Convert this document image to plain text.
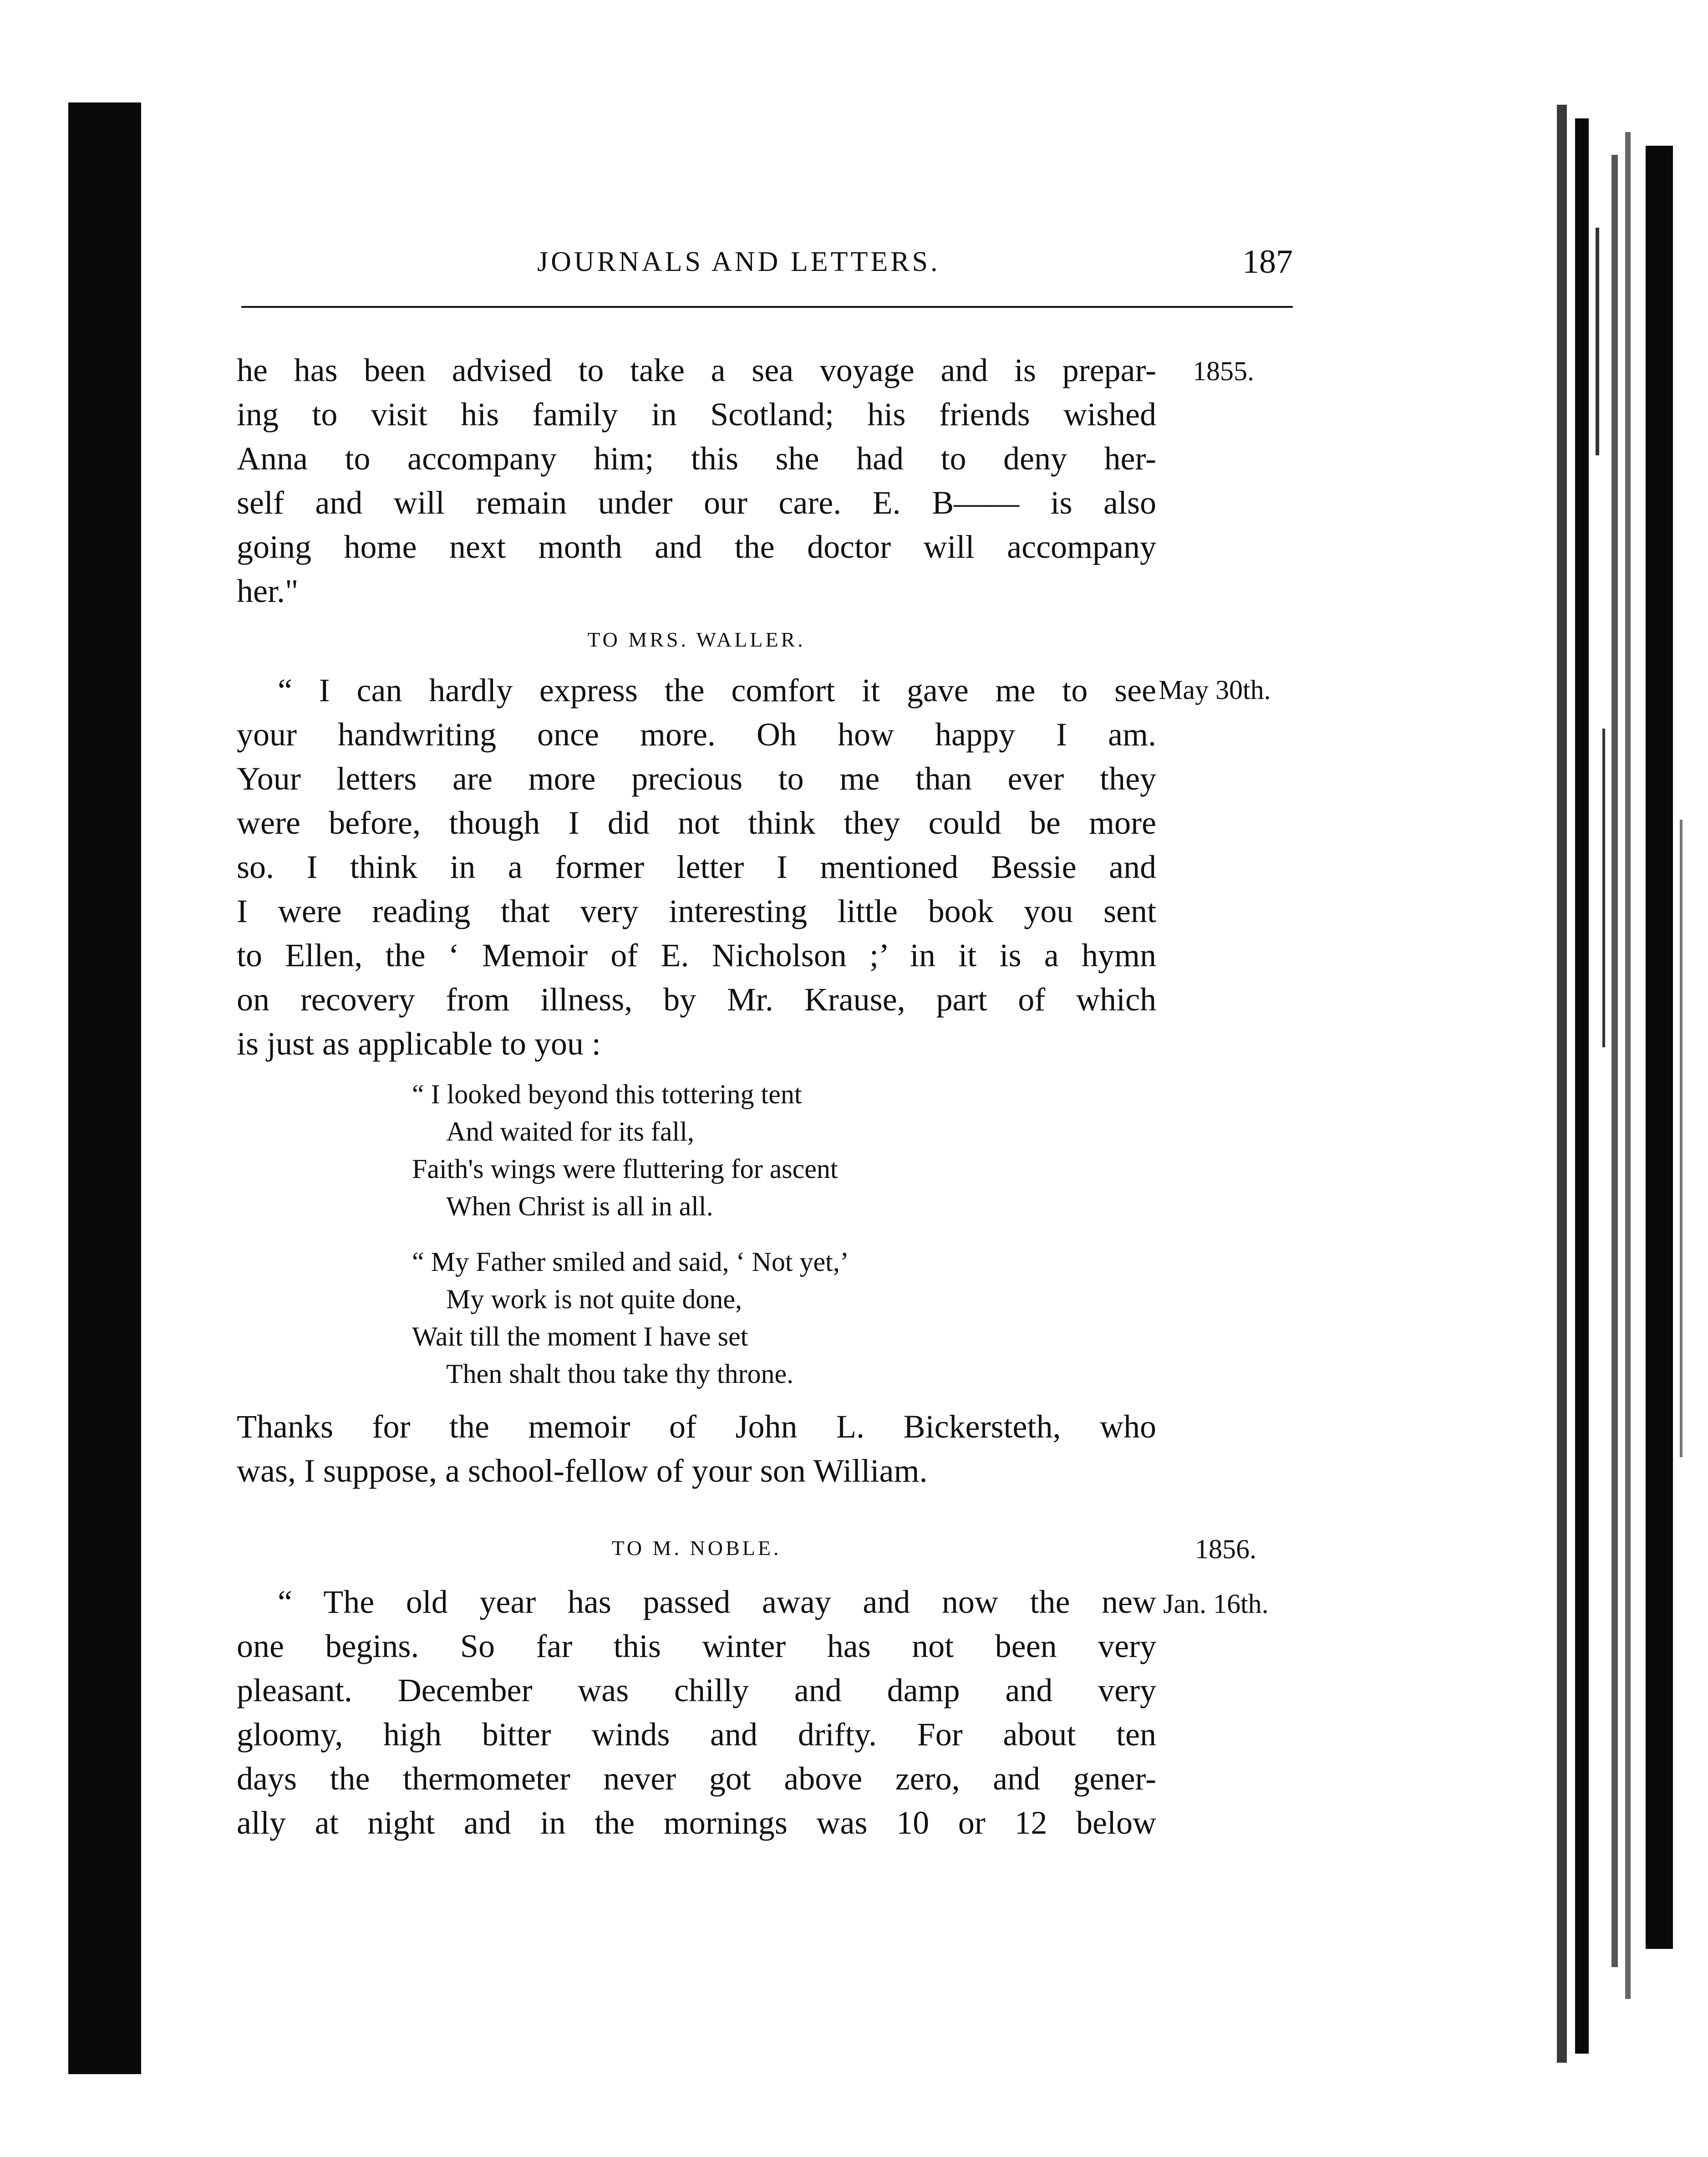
JOURNALS AND LETTERS.	187
he has been advised to take a sea voyage and is prepar-
ing to visit his family in Scotland; his friends wished
Anna to accompany him; this she had to deny her-
self and will remain under our care. E. B—— is also
going home next month and the doctor will accompany
her."
1855.
TO MRS. WALLER.
May 30th.
“ I can hardly express the comfort it gave me to see
your handwriting once more. Oh how happy I am.
Your letters are more precious to me than ever they
were before, though I did not think they could be more
so. I think in a former letter I mentioned Bessie and
I were reading that very interesting little book you sent
to Ellen, the ‘ Memoir of E. Nicholson ;’ in it is a hymn
on recovery from illness, by Mr. Krause, part of which
is just as applicable to you :
“ I looked beyond this tottering tent
And waited for its fall,
Faith's wings were fluttering for ascent
When Christ is all in all.
“ My Father smiled and said, ‘ Not yet,’
My work is not quite done,
Wait till the moment I have set
Then shalt thou take thy throne.
Thanks for the memoir of John L. Bickersteth, who
was, I suppose, a school-fellow of your son William.
TO M. NOBLE.	1856.
Jan. 16th.
“ The old year has passed away and now the new
one begins. So far this winter has not been very
pleasant. December was chilly and damp and very
gloomy, high bitter winds and drifty. For about ten
days the thermometer never got above zero, and gener-
ally at night and in the mornings was 10 or 12 below
